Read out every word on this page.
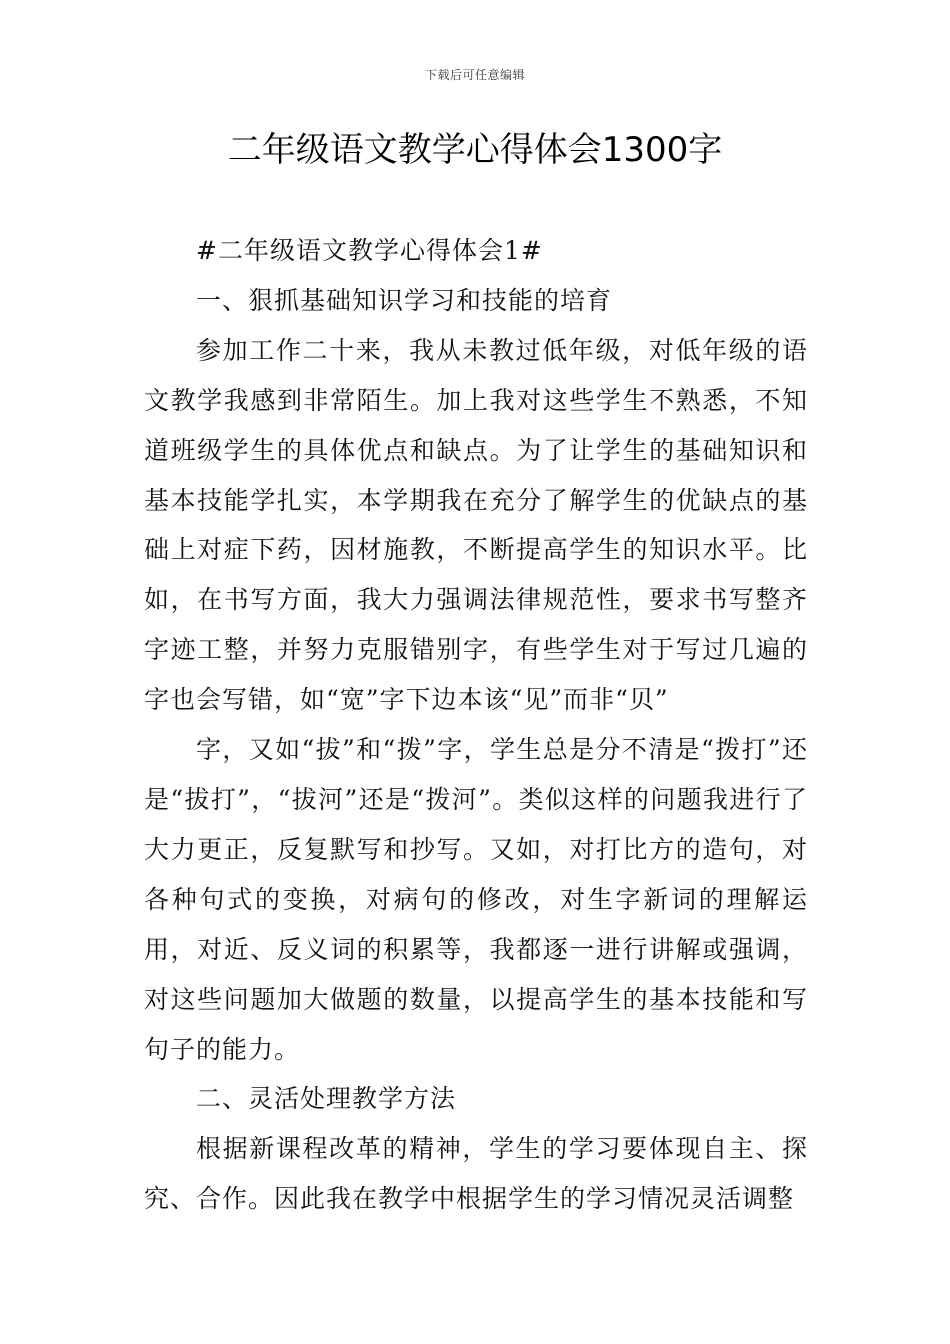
下载后可任意编辑
二年级语文教学心得体会1300字

#二年级语文教学心得体会1#

一、狠抓基础知识学习和技能的培育

参加工作二十来，我从未教过低年级，对低年级的语文教学我感到非常陌生。加上我对这些学生不熟悉，不知道班级学生的具体优点和缺点。为了让学生的基础知识和基本技能学扎实，本学期我在充分了解学生的优缺点的基础上对症下药，因材施教，不断提高学生的知识水平。比如，在书写方面，我大力强调法律规范性，要求书写整齐字迹工整，并努力克服错别字，有些学生对于写过几遍的字也会写错，如“宽”字下边本该“见”而非“贝”

字，又如“拔”和“拨”字，学生总是分不清是“拨打”还是“拔打”，“拔河”还是“拨河”。类似这样的问题我进行了大力更正，反复默写和抄写。又如，对打比方的造句，对各种句式的变换，对病句的修改，对生字新词的理解运用，对近、反义词的积累等，我都逐一进行讲解或强调，对这些问题加大做题的数量，以提高学生的基本技能和写句子的能力。

二、灵活处理教学方法

根据新课程改革的精神，学生的学习要体现自主、探究、合作。因此我在教学中根据学生的学习情况灵活调整
